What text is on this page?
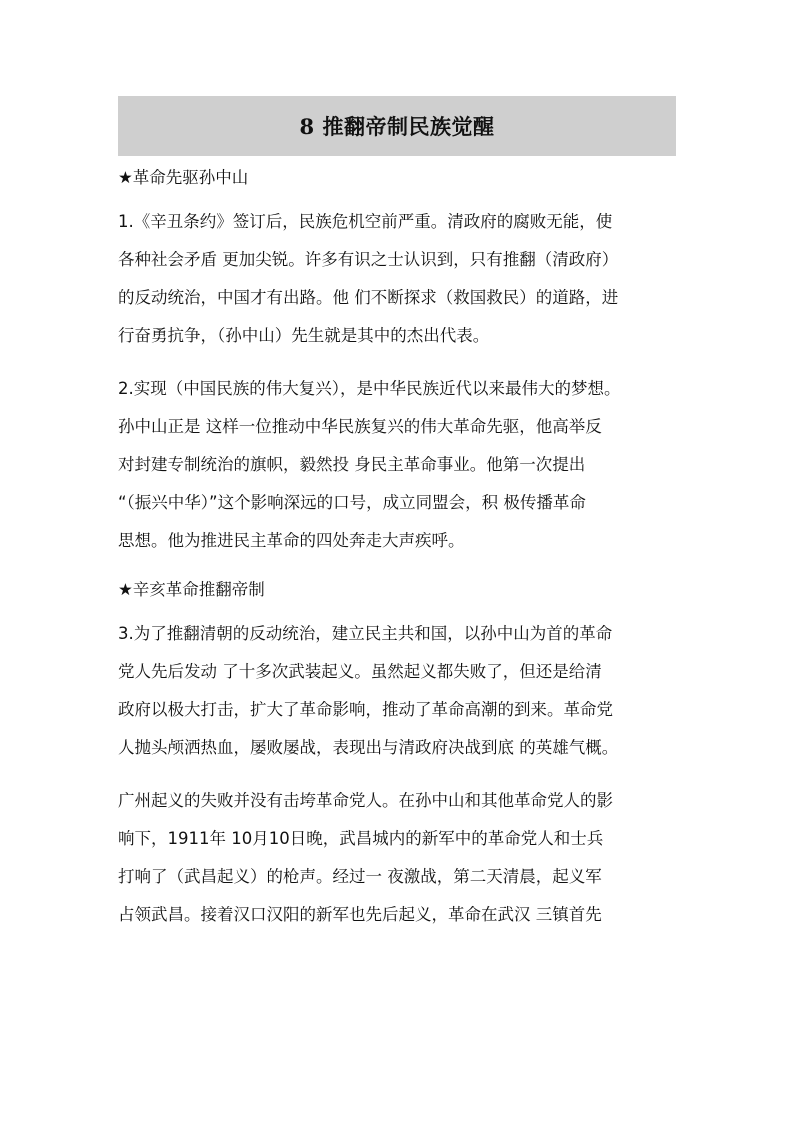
8 推翻帝制民族觉醒
★革命先驱孙中山
1.《辛丑条约》签订后，民族危机空前严重。清政府的腐败无能，使
各种社会矛盾 更加尖锐。许多有识之士认识到，只有推翻（清政府）
的反动统治，中国才有出路。他 们不断探求（救国救民）的道路，进
行奋勇抗争，（孙中山）先生就是其中的杰出代表。
2.实现（中国民族的伟大复兴），是中华民族近代以来最伟大的梦想。
孙中山正是 这样一位推动中华民族复兴的伟大革命先驱，他高举反
对封建专制统治的旗帜，毅然投 身民主革命事业。他第一次提出
“（振兴中华）”这个影响深远的口号，成立同盟会，积 极传播革命
思想。他为推进民主革命的四处奔走大声疾呼。
★辛亥革命推翻帝制
3.为了推翻清朝的反动统治，建立民主共和国，以孙中山为首的革命
党人先后发动 了十多次武装起义。虽然起义都失败了，但还是给清
政府以极大打击，扩大了革命影响，推动了革命高潮的到来。革命党
人抛头颅洒热血，屡败屡战，表现出与清政府决战到底 的英雄气概。
广州起义的失败并没有击垮革命党人。在孙中山和其他革命党人的影
响下，1911年 10月10日晚，武昌城内的新军中的革命党人和士兵
打响了（武昌起义）的枪声。经过一 夜激战，第二天清晨，起义军
占领武昌。接着汉口汉阳的新军也先后起义，革命在武汉 三镇首先
